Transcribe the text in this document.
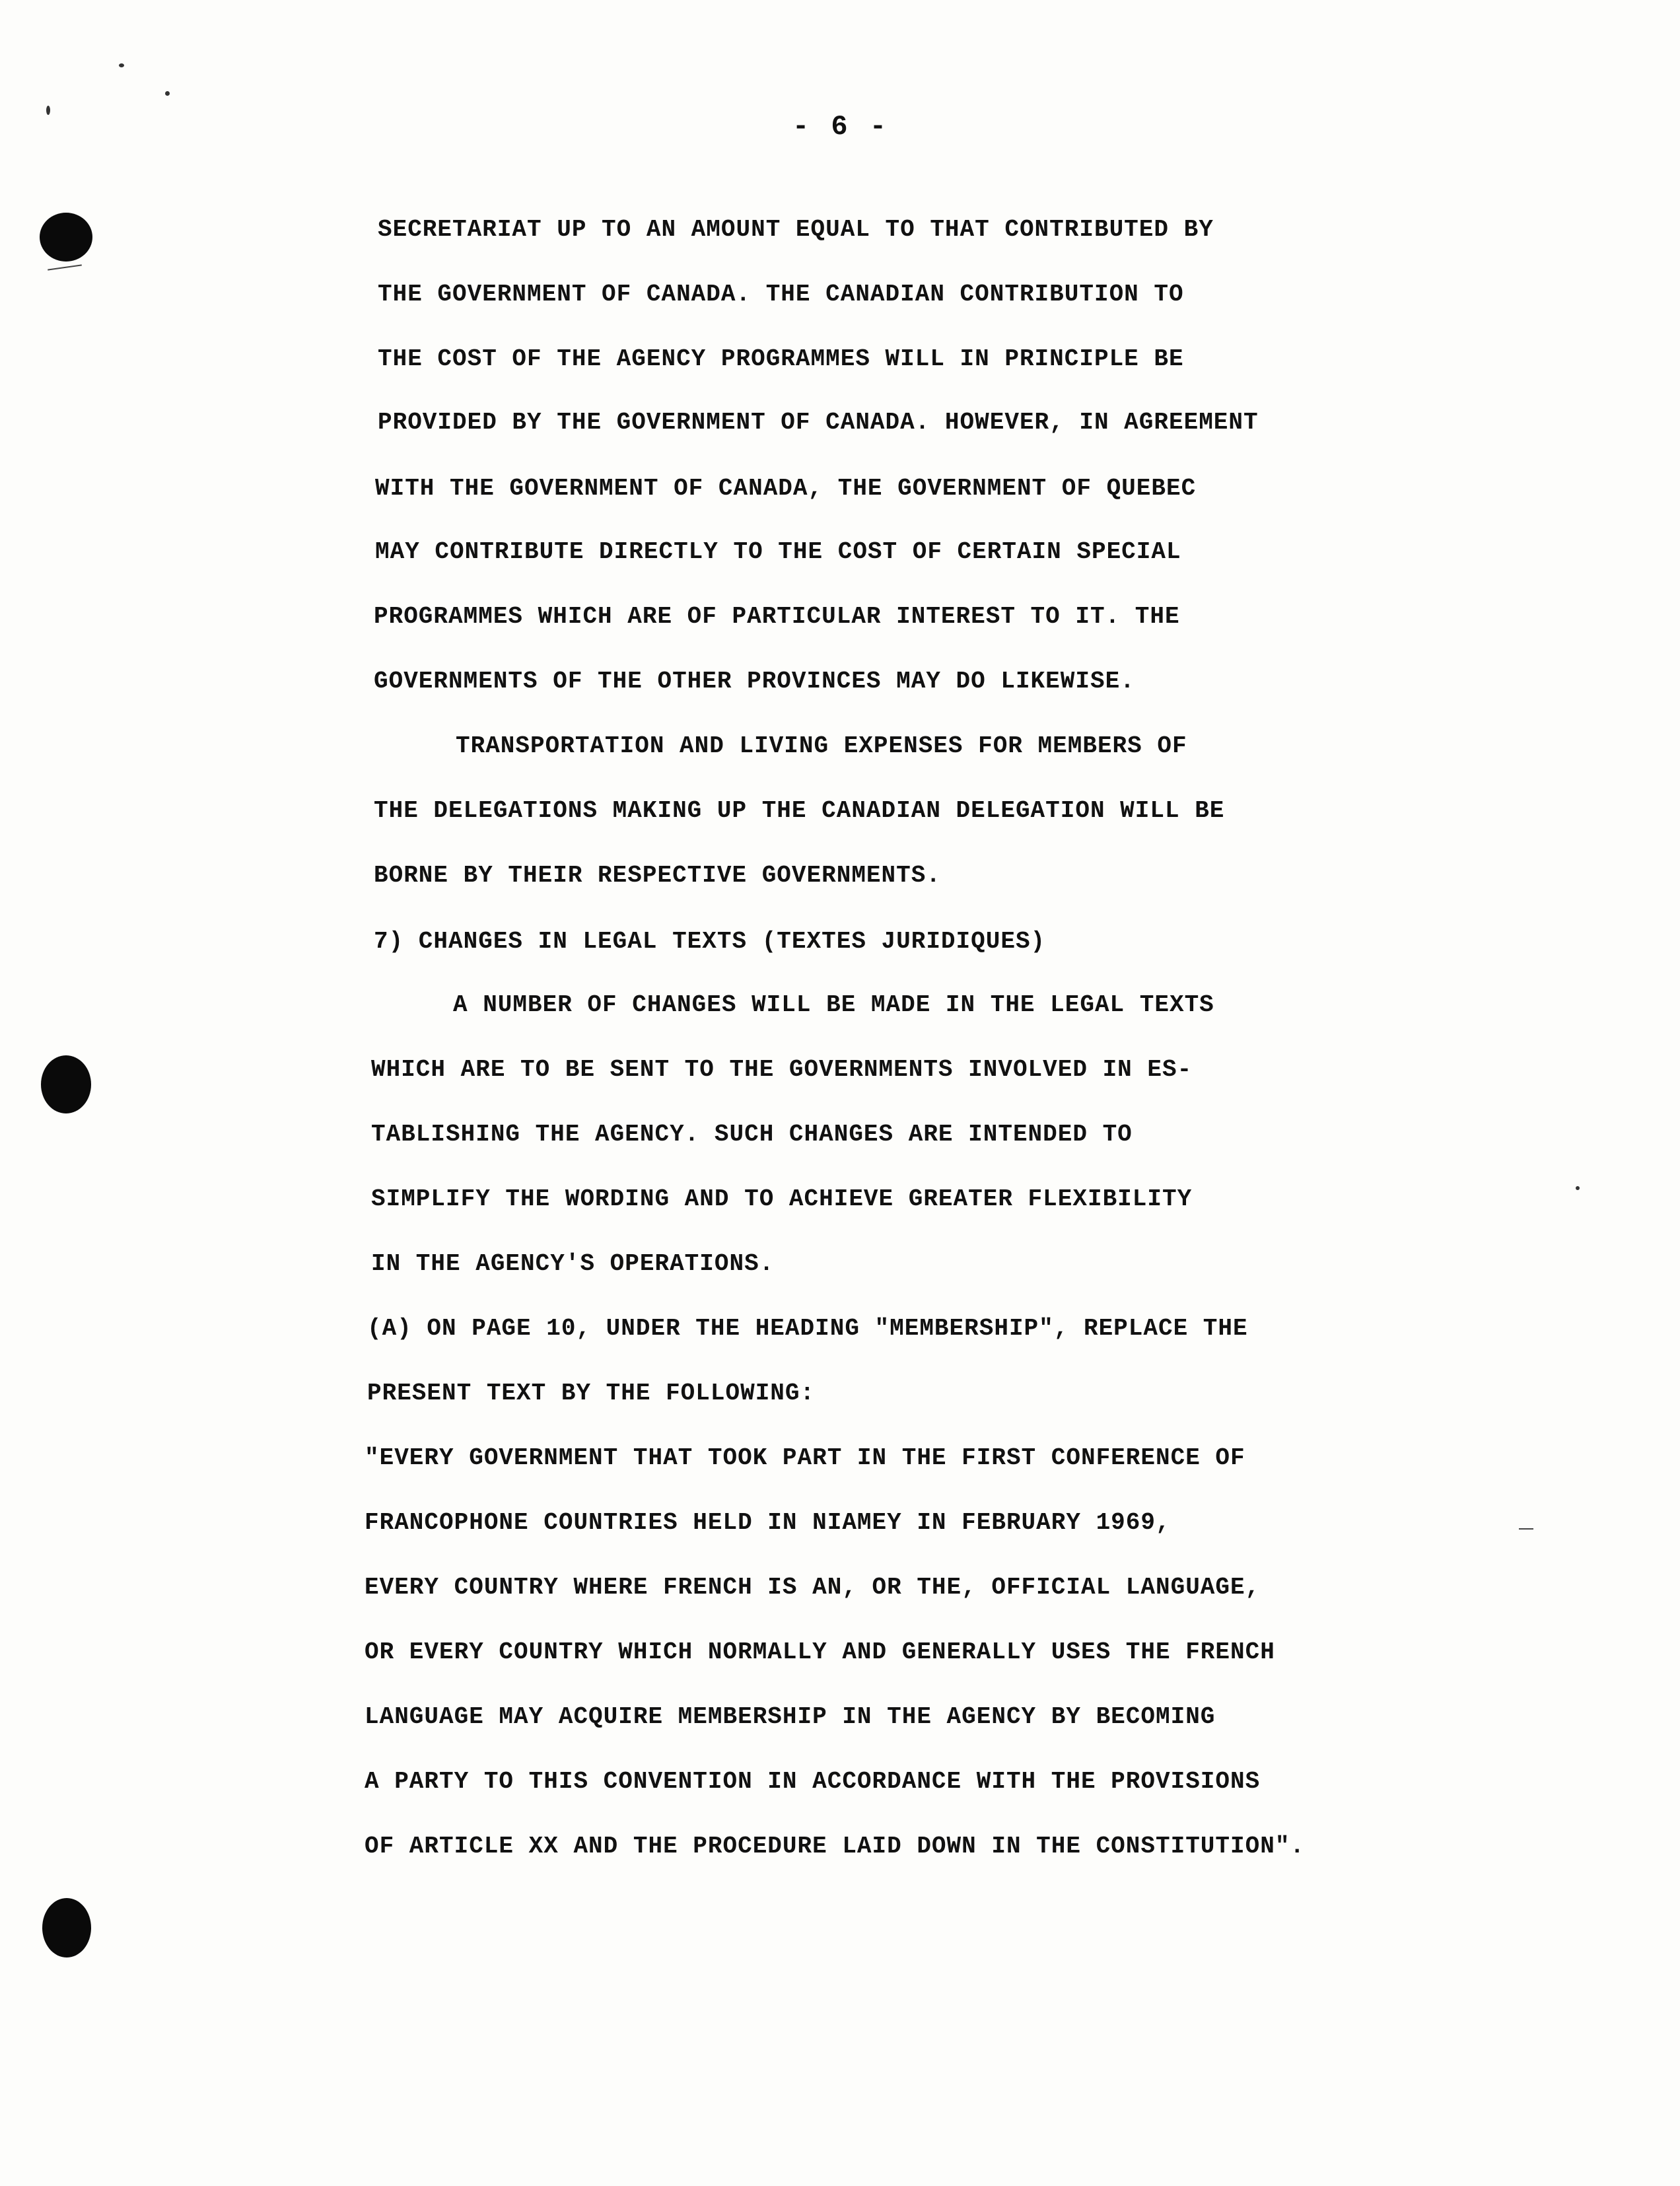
- 6 -
SECRETARIAT UP TO AN AMOUNT EQUAL TO THAT CONTRIBUTED BY
THE GOVERNMENT OF CANADA. THE CANADIAN CONTRIBUTION TO
THE COST OF THE AGENCY PROGRAMMES WILL IN PRINCIPLE BE
PROVIDED BY THE GOVERNMENT OF CANADA. HOWEVER, IN AGREEMENT
WITH THE GOVERNMENT OF CANADA, THE GOVERNMENT OF QUEBEC
MAY CONTRIBUTE DIRECTLY TO THE COST OF CERTAIN SPECIAL
PROGRAMMES WHICH ARE OF PARTICULAR INTEREST TO IT. THE
GOVERNMENTS OF THE OTHER PROVINCES MAY DO LIKEWISE.
TRANSPORTATION AND LIVING EXPENSES FOR MEMBERS OF
THE DELEGATIONS MAKING UP THE CANADIAN DELEGATION WILL BE
BORNE BY THEIR RESPECTIVE GOVERNMENTS.
7) CHANGES IN LEGAL TEXTS (TEXTES JURIDIQUES)
A NUMBER OF CHANGES WILL BE MADE IN THE LEGAL TEXTS
WHICH ARE TO BE SENT TO THE GOVERNMENTS INVOLVED IN ES-
TABLISHING THE AGENCY. SUCH CHANGES ARE INTENDED TO
SIMPLIFY THE WORDING AND TO ACHIEVE GREATER FLEXIBILITY
IN THE AGENCY'S OPERATIONS.
(A) ON PAGE 10, UNDER THE HEADING "MEMBERSHIP", REPLACE THE
PRESENT TEXT BY THE FOLLOWING:
"EVERY GOVERNMENT THAT TOOK PART IN THE FIRST CONFERENCE OF
FRANCOPHONE COUNTRIES HELD IN NIAMEY IN FEBRUARY 1969,
EVERY COUNTRY WHERE FRENCH IS AN, OR THE, OFFICIAL LANGUAGE,
OR EVERY COUNTRY WHICH NORMALLY AND GENERALLY USES THE FRENCH
LANGUAGE MAY ACQUIRE MEMBERSHIP IN THE AGENCY BY BECOMING
A PARTY TO THIS CONVENTION IN ACCORDANCE WITH THE PROVISIONS
OF ARTICLE XX AND THE PROCEDURE LAID DOWN IN THE CONSTITUTION".
